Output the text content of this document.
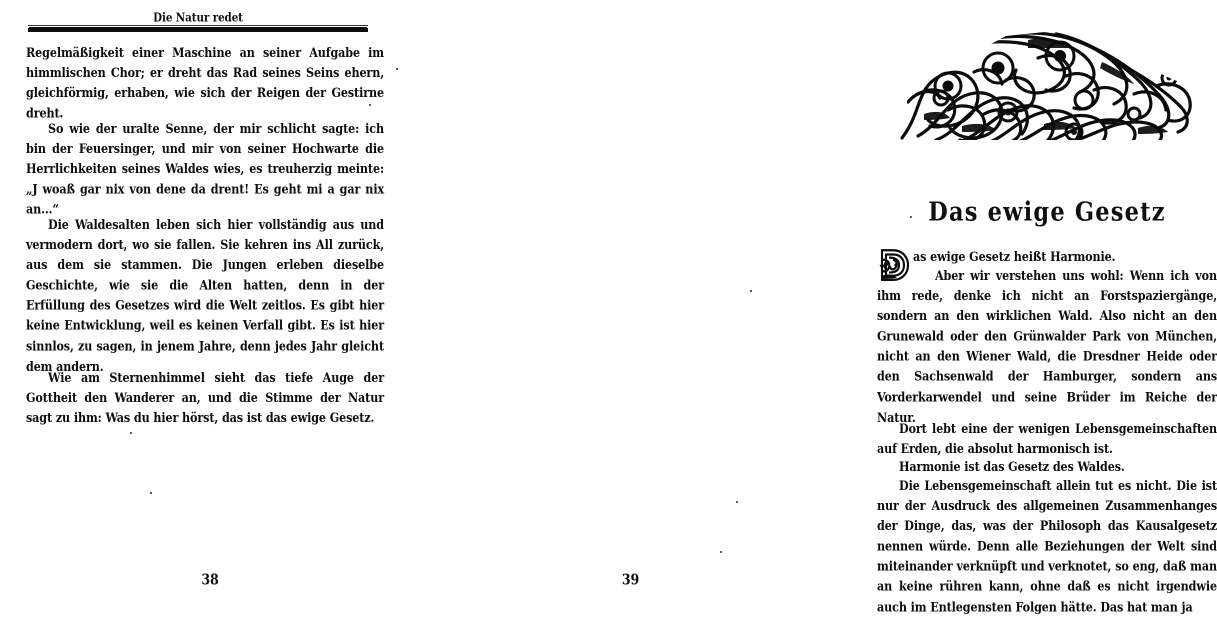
Die Natur redet

Regelmäßigkeit einer Maschine an seiner Aufgabe im himmlischen Chor; er dreht das Rad seines Seins ehern, gleichförmig, erhaben, wie sich der Reigen der Gestirne dreht.

So wie der uralte Senne, der mir schlicht sagte: ich bin der Feuersinger, und mir von seiner Hochwarte die Herrlichkeiten seines Waldes wies, es treuherzig meinte: „J woaß gar nix von dene da drent! Es geht mi a gar nix an...“

Die Waldesalten leben sich hier vollständig aus und vermodern dort, wo sie fallen. Sie kehren ins All zurück, aus dem sie stammen. Die Jungen erleben dieselbe Geschichte, wie sie die Alten hatten, denn in der Erfüllung des Gesetzes wird die Welt zeitlos. Es gibt hier keine Entwicklung, weil es keinen Verfall gibt. Es ist hier sinnlos, zu sagen, in jenem Jahre, denn jedes Jahr gleicht dem andern.

Wie am Sternenhimmel sieht das tiefe Auge der Gottheit den Wanderer an, und die Stimme der Natur sagt zu ihm: Was du hier hörst, das ist das ewige Gesetz.

38
Das ewige Gesetz

as ewige Gesetz heißt Harmonie.

Aber wir verstehen uns wohl: Wenn ich von ihm rede, denke ich nicht an Forstspaziergänge, sondern an den wirklichen Wald. Also nicht an den Grunewald oder den Grünwalder Park von München, nicht an den Wiener Wald, die Dresdner Heide oder den Sachsenwald der Hamburger, sondern ans Vorderkarwendel und seine Brüder im Reiche der Natur.

Dort lebt eine der wenigen Lebensgemeinschaften auf Erden, die absolut harmonisch ist.

Harmonie ist das Gesetz des Waldes.

Die Lebensgemeinschaft allein tut es nicht. Die ist nur der Ausdruck des allgemeinen Zusammenhanges der Dinge, das, was der Philosoph das Kausalgesetz nennen würde. Denn alle Beziehungen der Welt sind miteinander verknüpft und verknotet, so eng, daß man an keine rühren kann, ohne daß es nicht irgendwie auch im Entlegensten Folgen hätte. Das hat man ja

39
